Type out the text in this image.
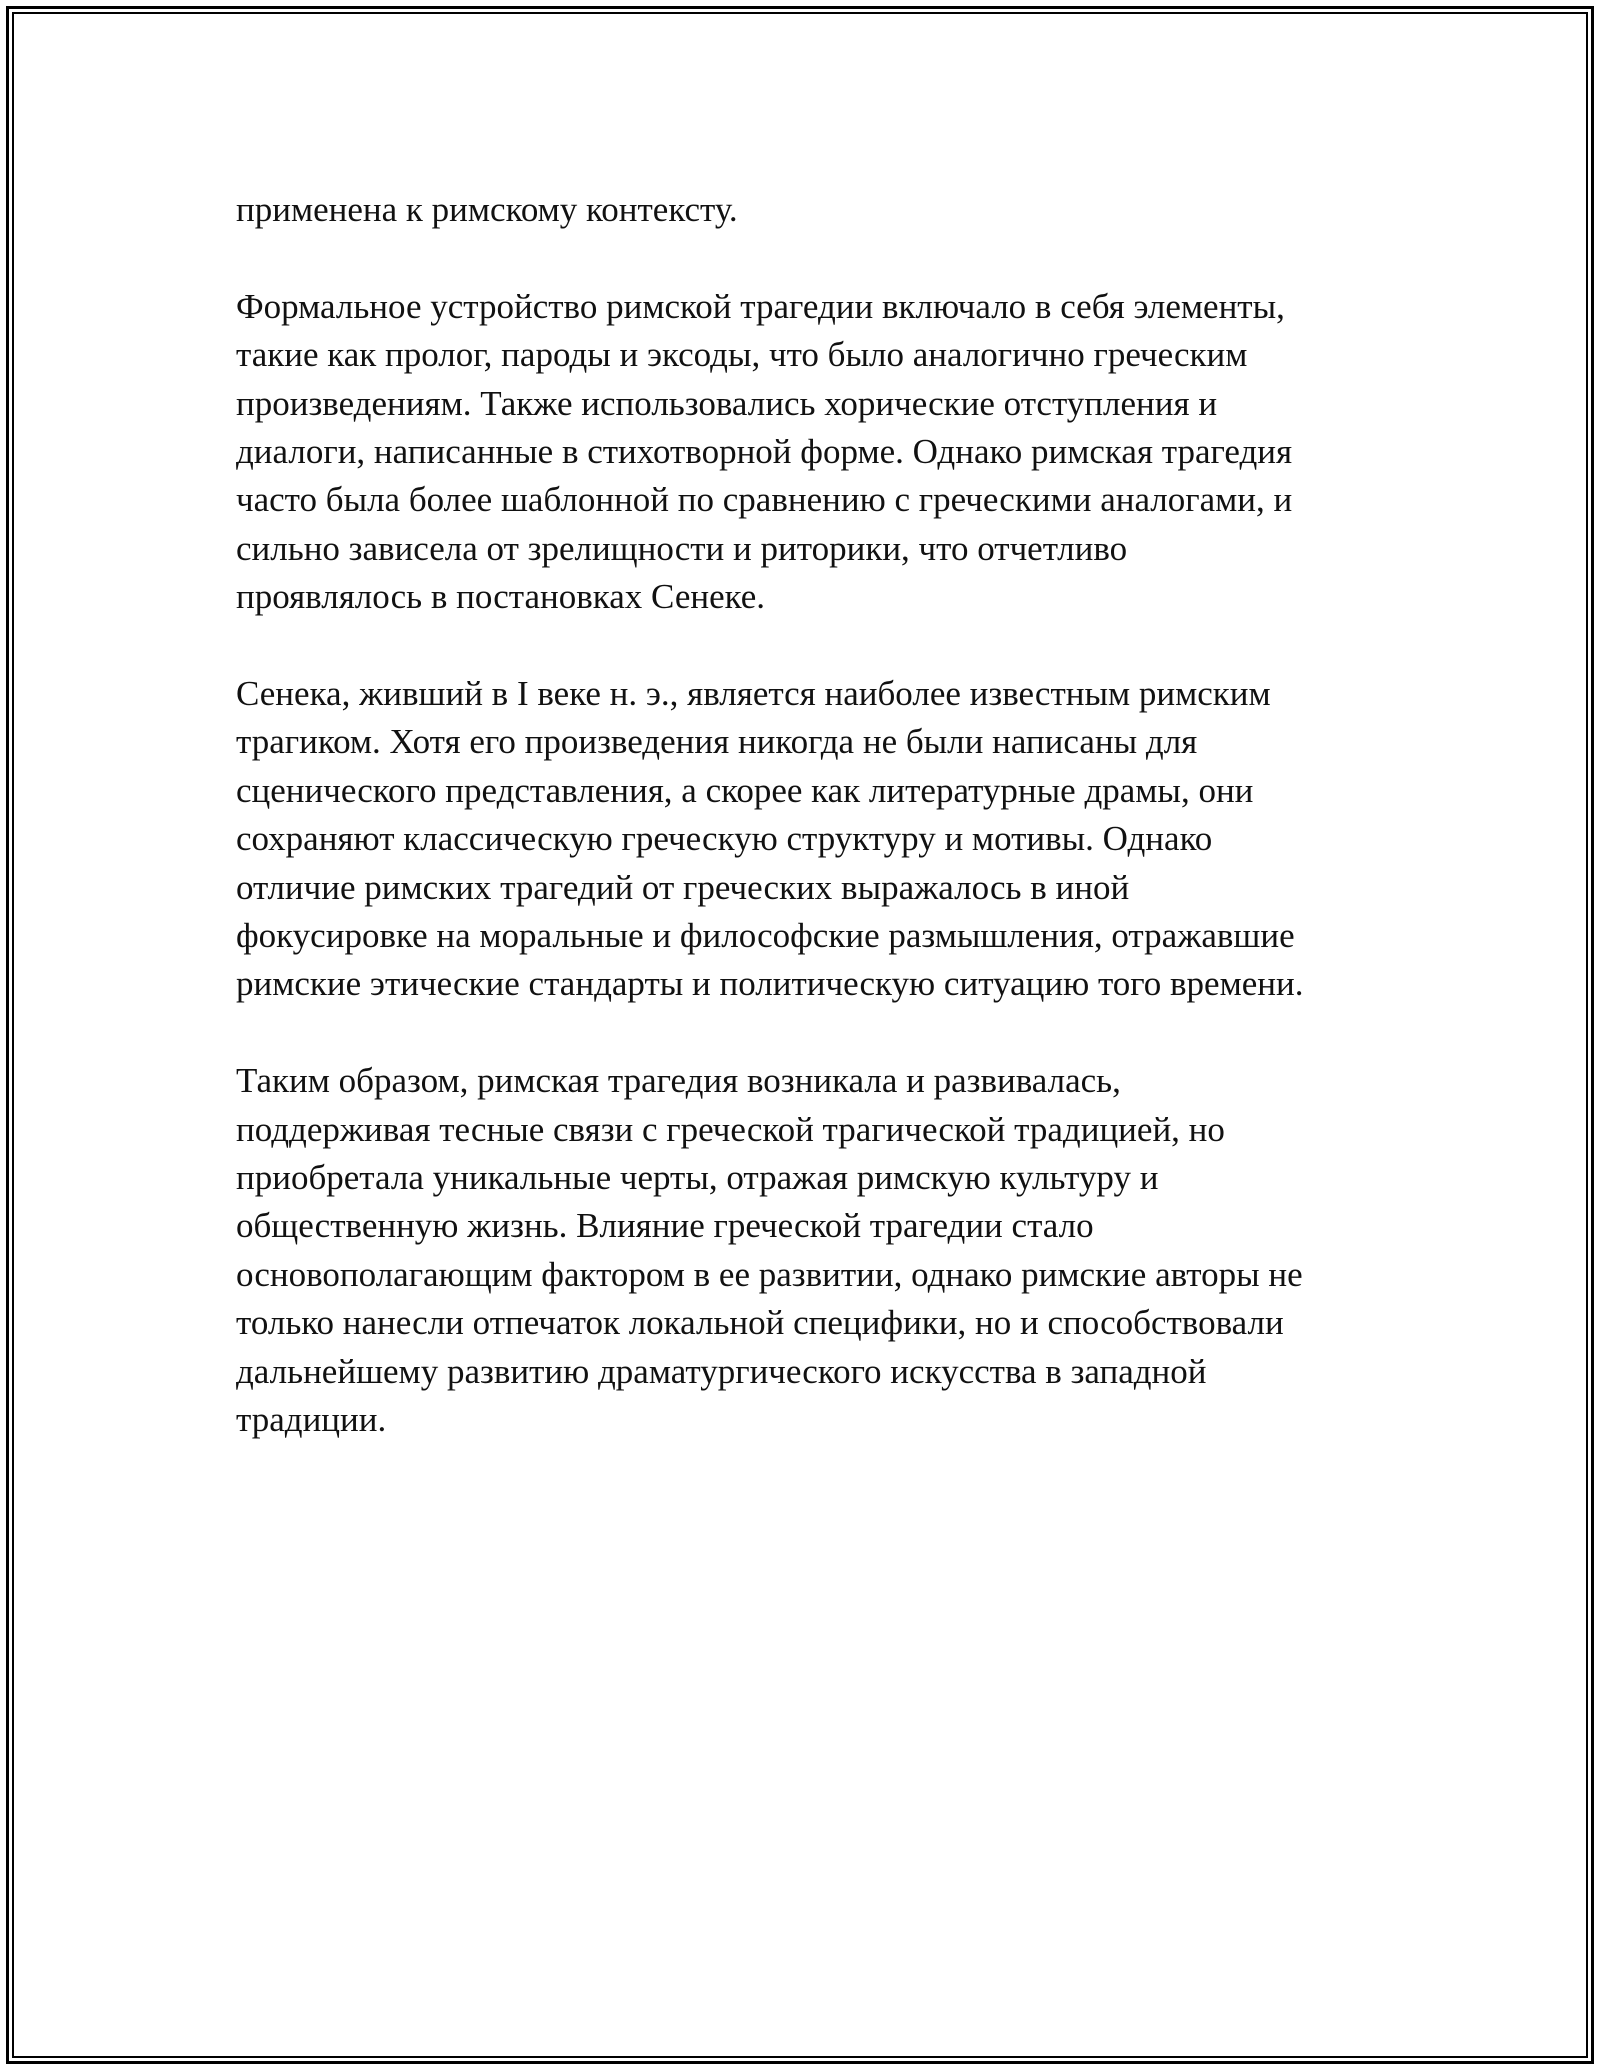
применена к римскому контексту.

Формальное устройство римской трагедии включало в себя элементы,
такие как пролог, пароды и эксоды, что было аналогично греческим
произведениям. Также использовались хорические отступления и
диалоги, написанные в стихотворной форме. Однако римская трагедия
часто была более шаблонной по сравнению с греческими аналогами, и
сильно зависела от зрелищности и риторики, что отчетливо
проявлялось в постановках Сенеке.

Сенека, живший в I веке н. э., является наиболее известным римским
трагиком. Хотя его произведения никогда не были написаны для
сценического представления, а скорее как литературные драмы, они
сохраняют классическую греческую структуру и мотивы. Однако
отличие римских трагедий от греческих выражалось в иной
фокусировке на моральные и философские размышления, отражавшие
римские этические стандарты и политическую ситуацию того времени.

Таким образом, римская трагедия возникала и развивалась,
поддерживая тесные связи с греческой трагической традицией, но
приобретала уникальные черты, отражая римскую культуру и
общественную жизнь. Влияние греческой трагедии стало
основополагающим фактором в ее развитии, однако римские авторы не
только нанесли отпечаток локальной специфики, но и способствовали
дальнейшему развитию драматургического искусства в западной
традиции.
